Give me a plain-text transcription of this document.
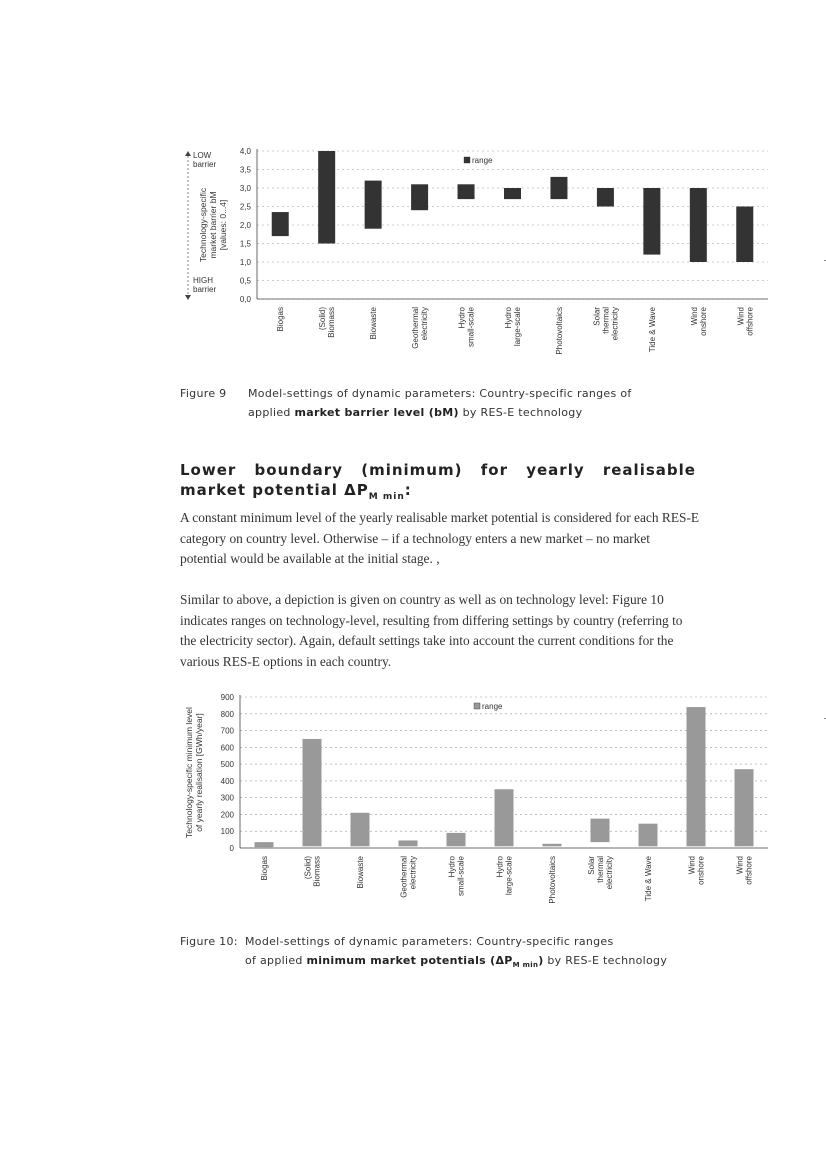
0,0
0,5
1,0
1,5
2,0
2,5
3,0
3,5
4,0
Biogas	(Solid) Biomass	Biowaste	Geothermal electricity	Hydro small-scale	Hydro large-scale	Photovoltaics	Solar thermal electricity	Tide & Wave	Wind onshore	Wind offshore
range
Technology-specific market barrier bM [values: 0...4]
LOW
barrier
HIGH
barrier
Figure 9 Model-settings of dynamic parameters: Country-specific ranges of
applied market barrier level (bM) by RES-E technology
Lower boundary (minimum) for yearly realisable
market potential $\Delta P_{M min}$:
A constant minimum level of the yearly realisable market potential is considered for each RES-E category on country level. Otherwise – if a technology enters a new market – no market potential would be available at the initial stage. ,
Similar to above, a depiction is given on country as well as on technology level: Figure 10 indicates ranges on technology-level, resulting from differing settings by country (referring to the electricity sector). Again, default settings take into account the current conditions for the various RES-E options in each country.
0
100
200
300
400
500
600
700
800
900
Biogas	(Solid) Biomass	Biowaste	Geothermal electricity	Hydro small-scale	Hydro large-scale	Photovoltaics	Solar thermal electricity	Tide & Wave	Wind onshore	Wind offshore
range
Technology-specific minimum level of yearly realisation [GWh/year]
Figure 10: Model-settings of dynamic parameters: Country-specific ranges
of applied minimum market potentials $(\Delta P_{M min})$ by RES-E technology
